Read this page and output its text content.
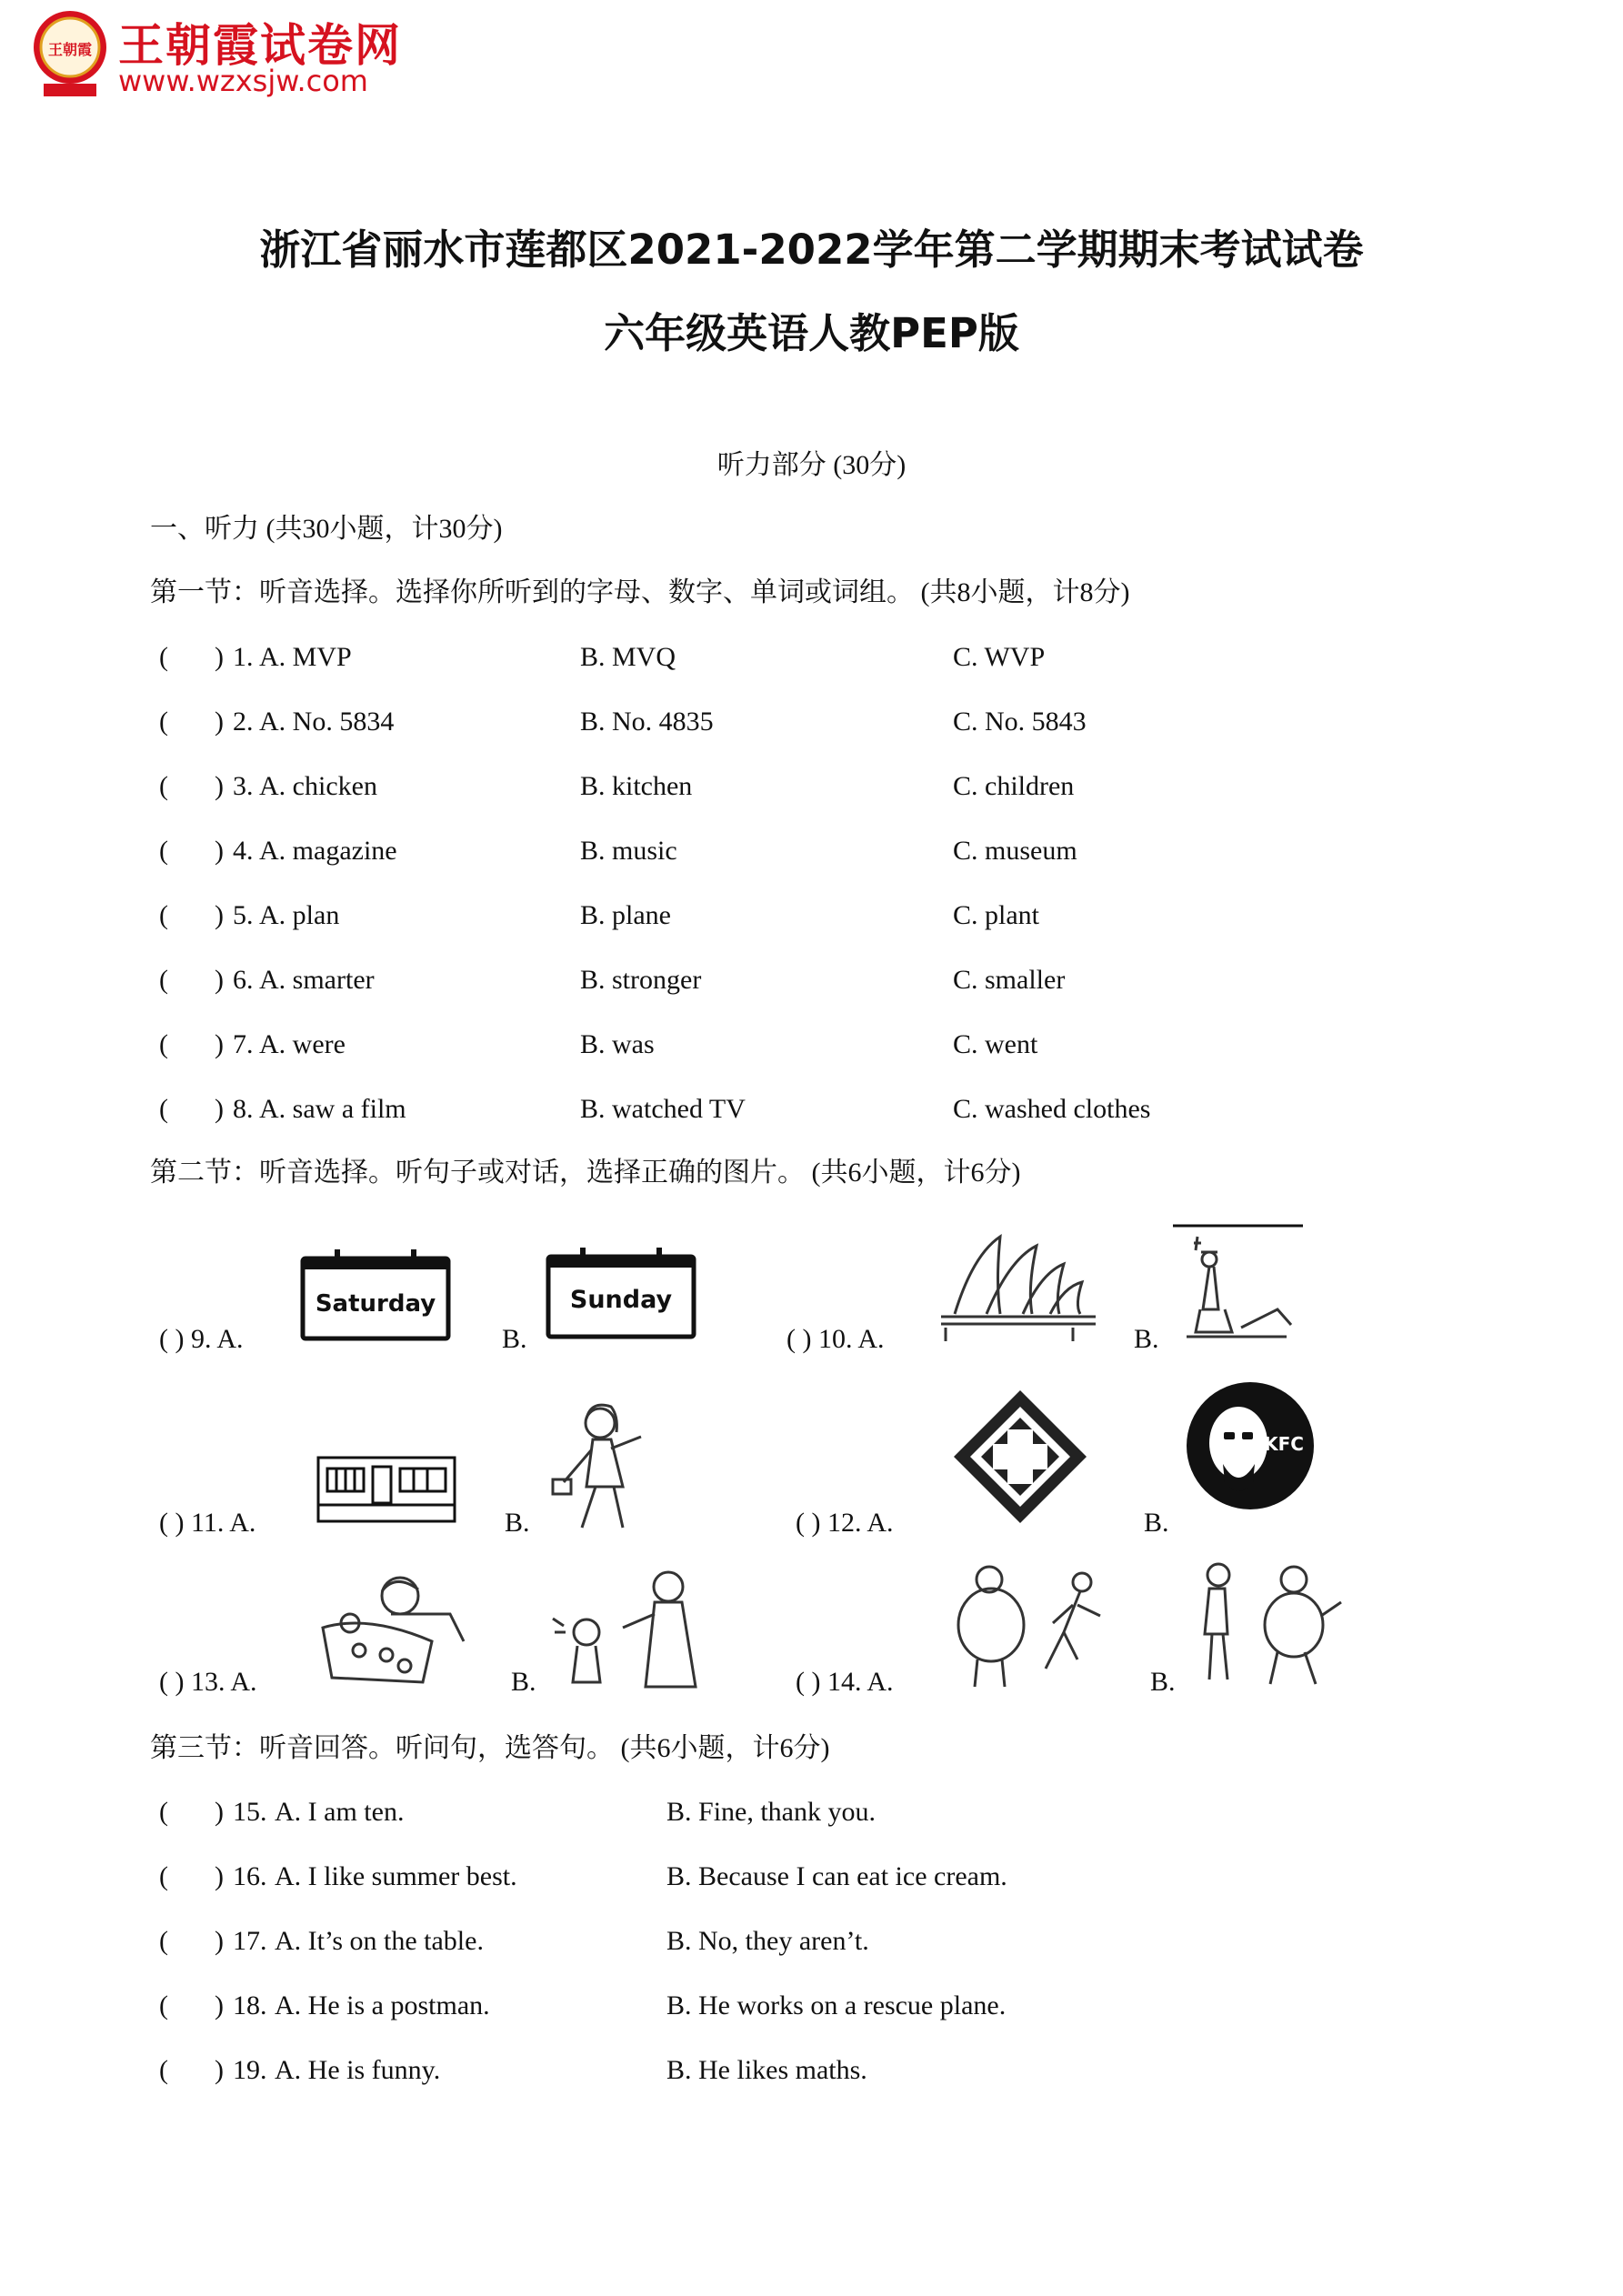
王朝霞 王朝霞试卷网
www.wzxsjw.com
浙江省丽水市莲都区2021-2022学年第二学期期末考试试卷
六年级英语人教PEP版
听力部分 (30分)
一、听力 (共30小题，计30分)
第一节：听音选择。选择你所听到的字母、数字、单词或词组。 (共8小题，计8分)
( ) 1. A. MVP	B. MVQ	C. WVP
( ) 2. A. No. 5834	B. No. 4835	C. No. 5843
( ) 3. A. chicken	B. kitchen	C. children
( ) 4. A. magazine	B. music	C. museum
( ) 5. A. plan	B. plane	C. plant
( ) 6. A. smarter	B. stronger	C. smaller
( ) 7. A. were	B. was	C. went
( ) 8. A. saw a film	B. watched TV	C. washed clothes
第二节：听音选择。听句子或对话，选择正确的图片。 (共6小题，计6分)
( ) 9. A.
Saturday
B.
Sunday
( ) 10. A.	B.
( ) 11. A.	B.	( ) 12. A.	B.
KFC
( ) 13. A.	B.	( ) 14. A.	B.
第三节：听音回答。听问句，选答句。 (共6小题，计6分)
( ) 15. A. I am ten.	B. Fine, thank you.
( ) 16. A. I like summer best.	B. Because I can eat ice cream.
( ) 17. A. It’s on the table.	B. No, they aren’t.
( ) 18. A. He is a postman.	B. He works on a rescue plane.
( ) 19. A. He is funny.	B. He likes maths.
